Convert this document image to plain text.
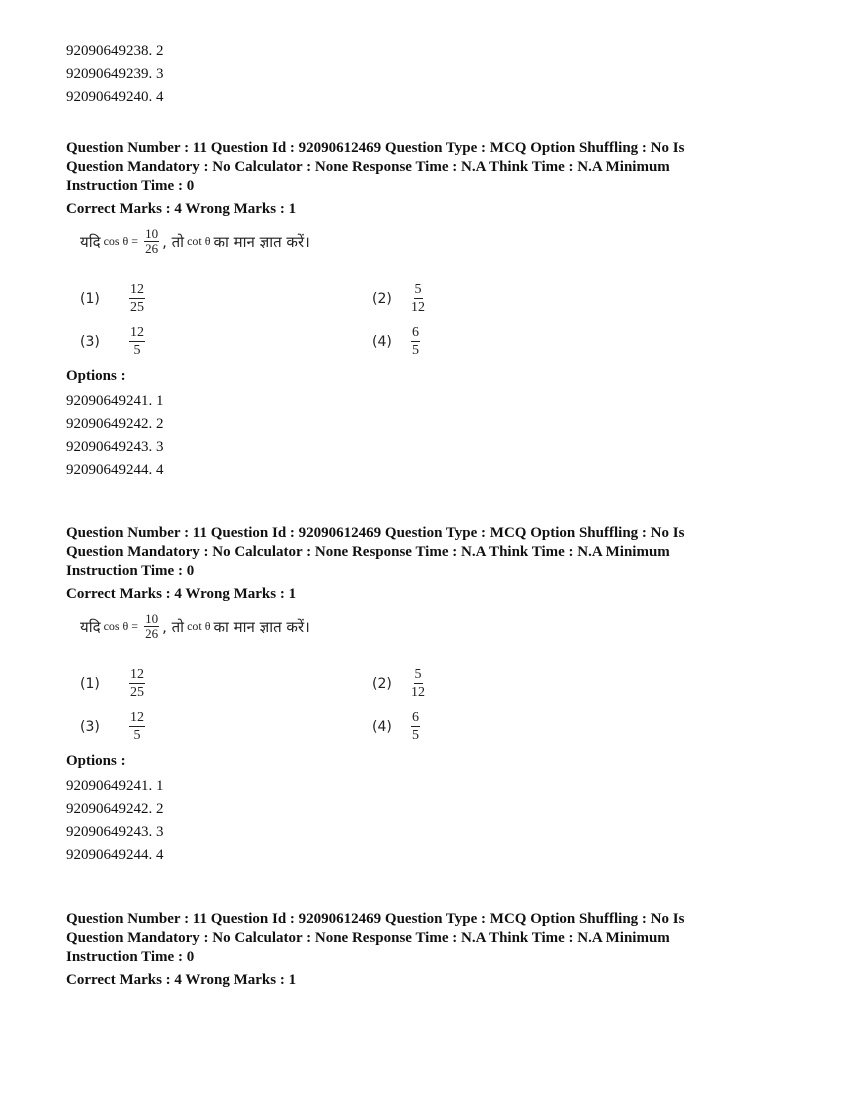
92090649238. 2
92090649239. 3
92090649240. 4
Question Number : 11 Question Id : 92090612469 Question Type : MCQ Option Shuffling : No Is
Question Mandatory : No Calculator : None Response Time : N.A Think Time : N.A Minimum
Instruction Time : 0
Correct Marks : 4 Wrong Marks : 1
यदि $\cos \theta = \frac{10}{26}$ , तो cot θ का मान ज्ञात करें।
(1)	$\frac{12}{25}$	(2)	$\frac{5}{12}$
(3)	$\frac{12}{5}$	(4)	$\frac{6}{5}$
Options :
92090649241. 1
92090649242. 2
92090649243. 3
92090649244. 4
Question Number : 11 Question Id : 92090612469 Question Type : MCQ Option Shuffling : No Is
Question Mandatory : No Calculator : None Response Time : N.A Think Time : N.A Minimum
Instruction Time : 0
Correct Marks : 4 Wrong Marks : 1
यदि $\cos \theta = \frac{10}{26}$ , तो cot θ का मान ज्ञात करें।
(1)	$\frac{12}{25}$	(2)	$\frac{5}{12}$
(3)	$\frac{12}{5}$	(4)	$\frac{6}{5}$
Options :
92090649241. 1
92090649242. 2
92090649243. 3
92090649244. 4
Question Number : 11 Question Id : 92090612469 Question Type : MCQ Option Shuffling : No Is
Question Mandatory : No Calculator : None Response Time : N.A Think Time : N.A Minimum
Instruction Time : 0
Correct Marks : 4 Wrong Marks : 1
